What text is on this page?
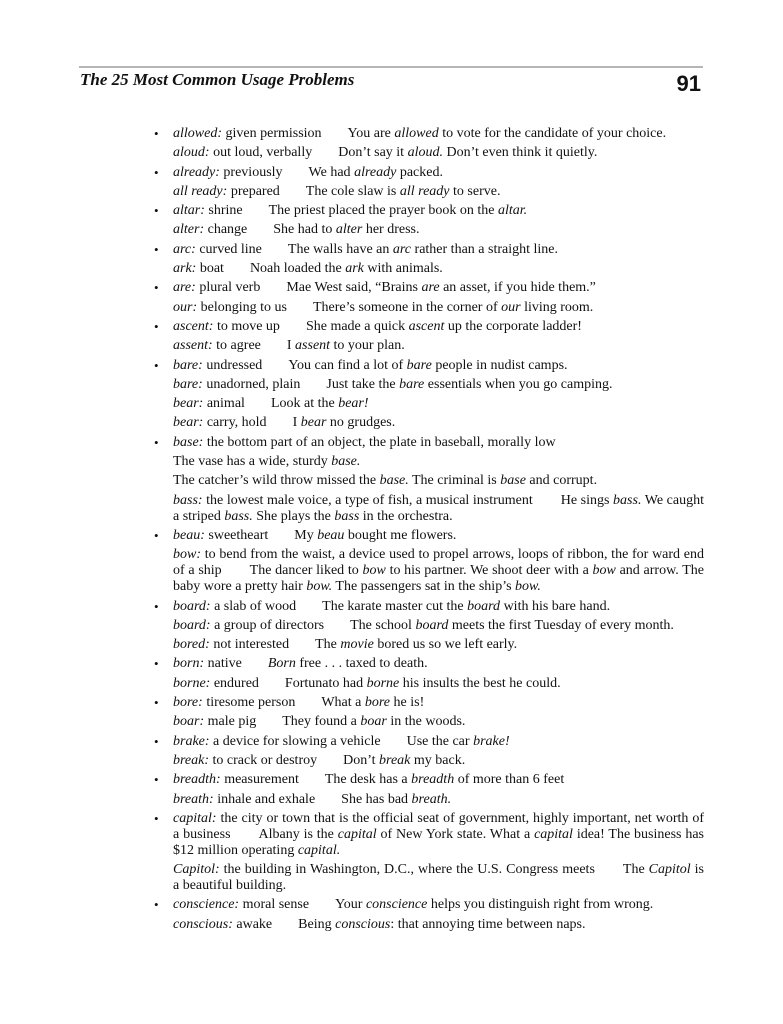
The 25 Most Common Usage Problems	91
• allowed: given permission You are allowed to vote for the candidate of your choice.
aloud: out loud, verbally Don’t say it aloud. Don’t even think it quietly.
• already: previously We had already packed.
all ready: prepared The cole slaw is all ready to serve.
• altar: shrine The priest placed the prayer book on the altar.
alter: change She had to alter her dress.
• arc: curved line The walls have an arc rather than a straight line.
ark: boat Noah loaded the ark with animals.
• are: plural verb Mae West said, “Brains are an asset, if you hide them.”
our: belonging to us There’s someone in the corner of our living room.
• ascent: to move up She made a quick ascent up the corporate ladder!
assent: to agree I assent to your plan.
• bare: undressed You can find a lot of bare people in nudist camps.
bare: unadorned, plain Just take the bare essentials when you go camping.
bear: animal Look at the bear!
bear: carry, hold I bear no grudges.
• base: the bottom part of an object, the plate in baseball, morally low
The vase has a wide, sturdy base.
The catcher’s wild throw missed the base. The criminal is base and corrupt.
bass: the lowest male voice, a type of fish, a musical instrument  He sings bass. We caught a striped bass. She plays the bass in the orchestra.
• beau: sweetheart My beau bought me flowers.
bow: to bend from the waist, a device used to propel arrows, loops of ribbon, the for ward end of a ship  The dancer liked to bow to his partner. We shoot deer with a bow and arrow. The baby wore a pretty hair bow. The passengers sat in the ship’s bow.
• board: a slab of wood The karate master cut the board with his bare hand.
board: a group of directors The school board meets the first Tuesday of every month.
bored: not interested The movie bored us so we left early.
• born: native Born free . . . taxed to death.
borne: endured Fortunato had borne his insults the best he could.
• bore: tiresome person What a bore he is!
boar: male pig They found a boar in the woods.
• brake: a device for slowing a vehicle Use the car brake!
break: to crack or destroy Don’t break my back.
• breadth: measurement The desk has a breadth of more than 6 feet
breath: inhale and exhale She has bad breath.
• capital: the city or town that is the official seat of government, highly important, net worth of a business  Albany is the capital of New York state. What a capital idea! The business has $12 million operating capital.
Capitol: the building in Washington, D.C., where the U.S. Congress meets  The Capitol is a beautiful building.
• conscience: moral sense Your conscience helps you distinguish right from wrong.
conscious: awake Being conscious: that annoying time between naps.
